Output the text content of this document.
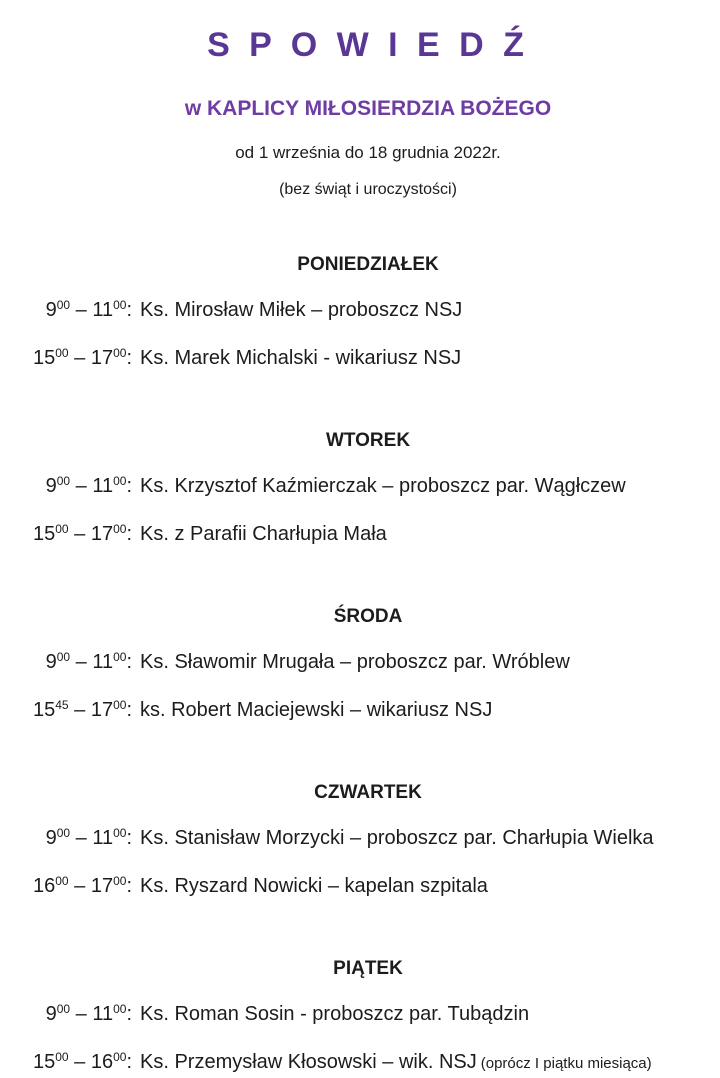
S P O W I E D Ź
w KAPLICY MIŁOSIERDZIA BOŻEGO
od 1 września do 18 grudnia 2022r.
(bez świąt i uroczystości)
PONIEDZIAŁEK

$9^{00} - 11^{00}$: Ks. Mirosław Miłek – proboszcz NSJ

$15^{00} - 17^{00}$: Ks. Marek Michalski - wikariusz NSJ

WTOREK

$9^{00} - 11^{00}$: Ks. Krzysztof Kaźmierczak – proboszcz par. Wągłczew

$15^{00} - 17^{00}$: Ks. z Parafii Charłupia Mała

ŚRODA

$9^{00} - 11^{00}$: Ks. Sławomir Mrugała – proboszcz par. Wróblew

$15^{45} - 17^{00}$: ks. Robert Maciejewski – wikariusz NSJ

CZWARTEK

$9^{00} - 11^{00}$: Ks. Stanisław Morzycki – proboszcz par. Charłupia Wielka

$16^{00} - 17^{00}$: Ks. Ryszard Nowicki – kapelan szpitala

PIĄTEK

$9^{00} - 11^{00}$: Ks. Roman Sosin - proboszcz par. Tubądzin

$15^{00} - 16^{00}$: Ks. Przemysław Kłosowski – wik. NSJ (oprócz I piątku miesiąca)
